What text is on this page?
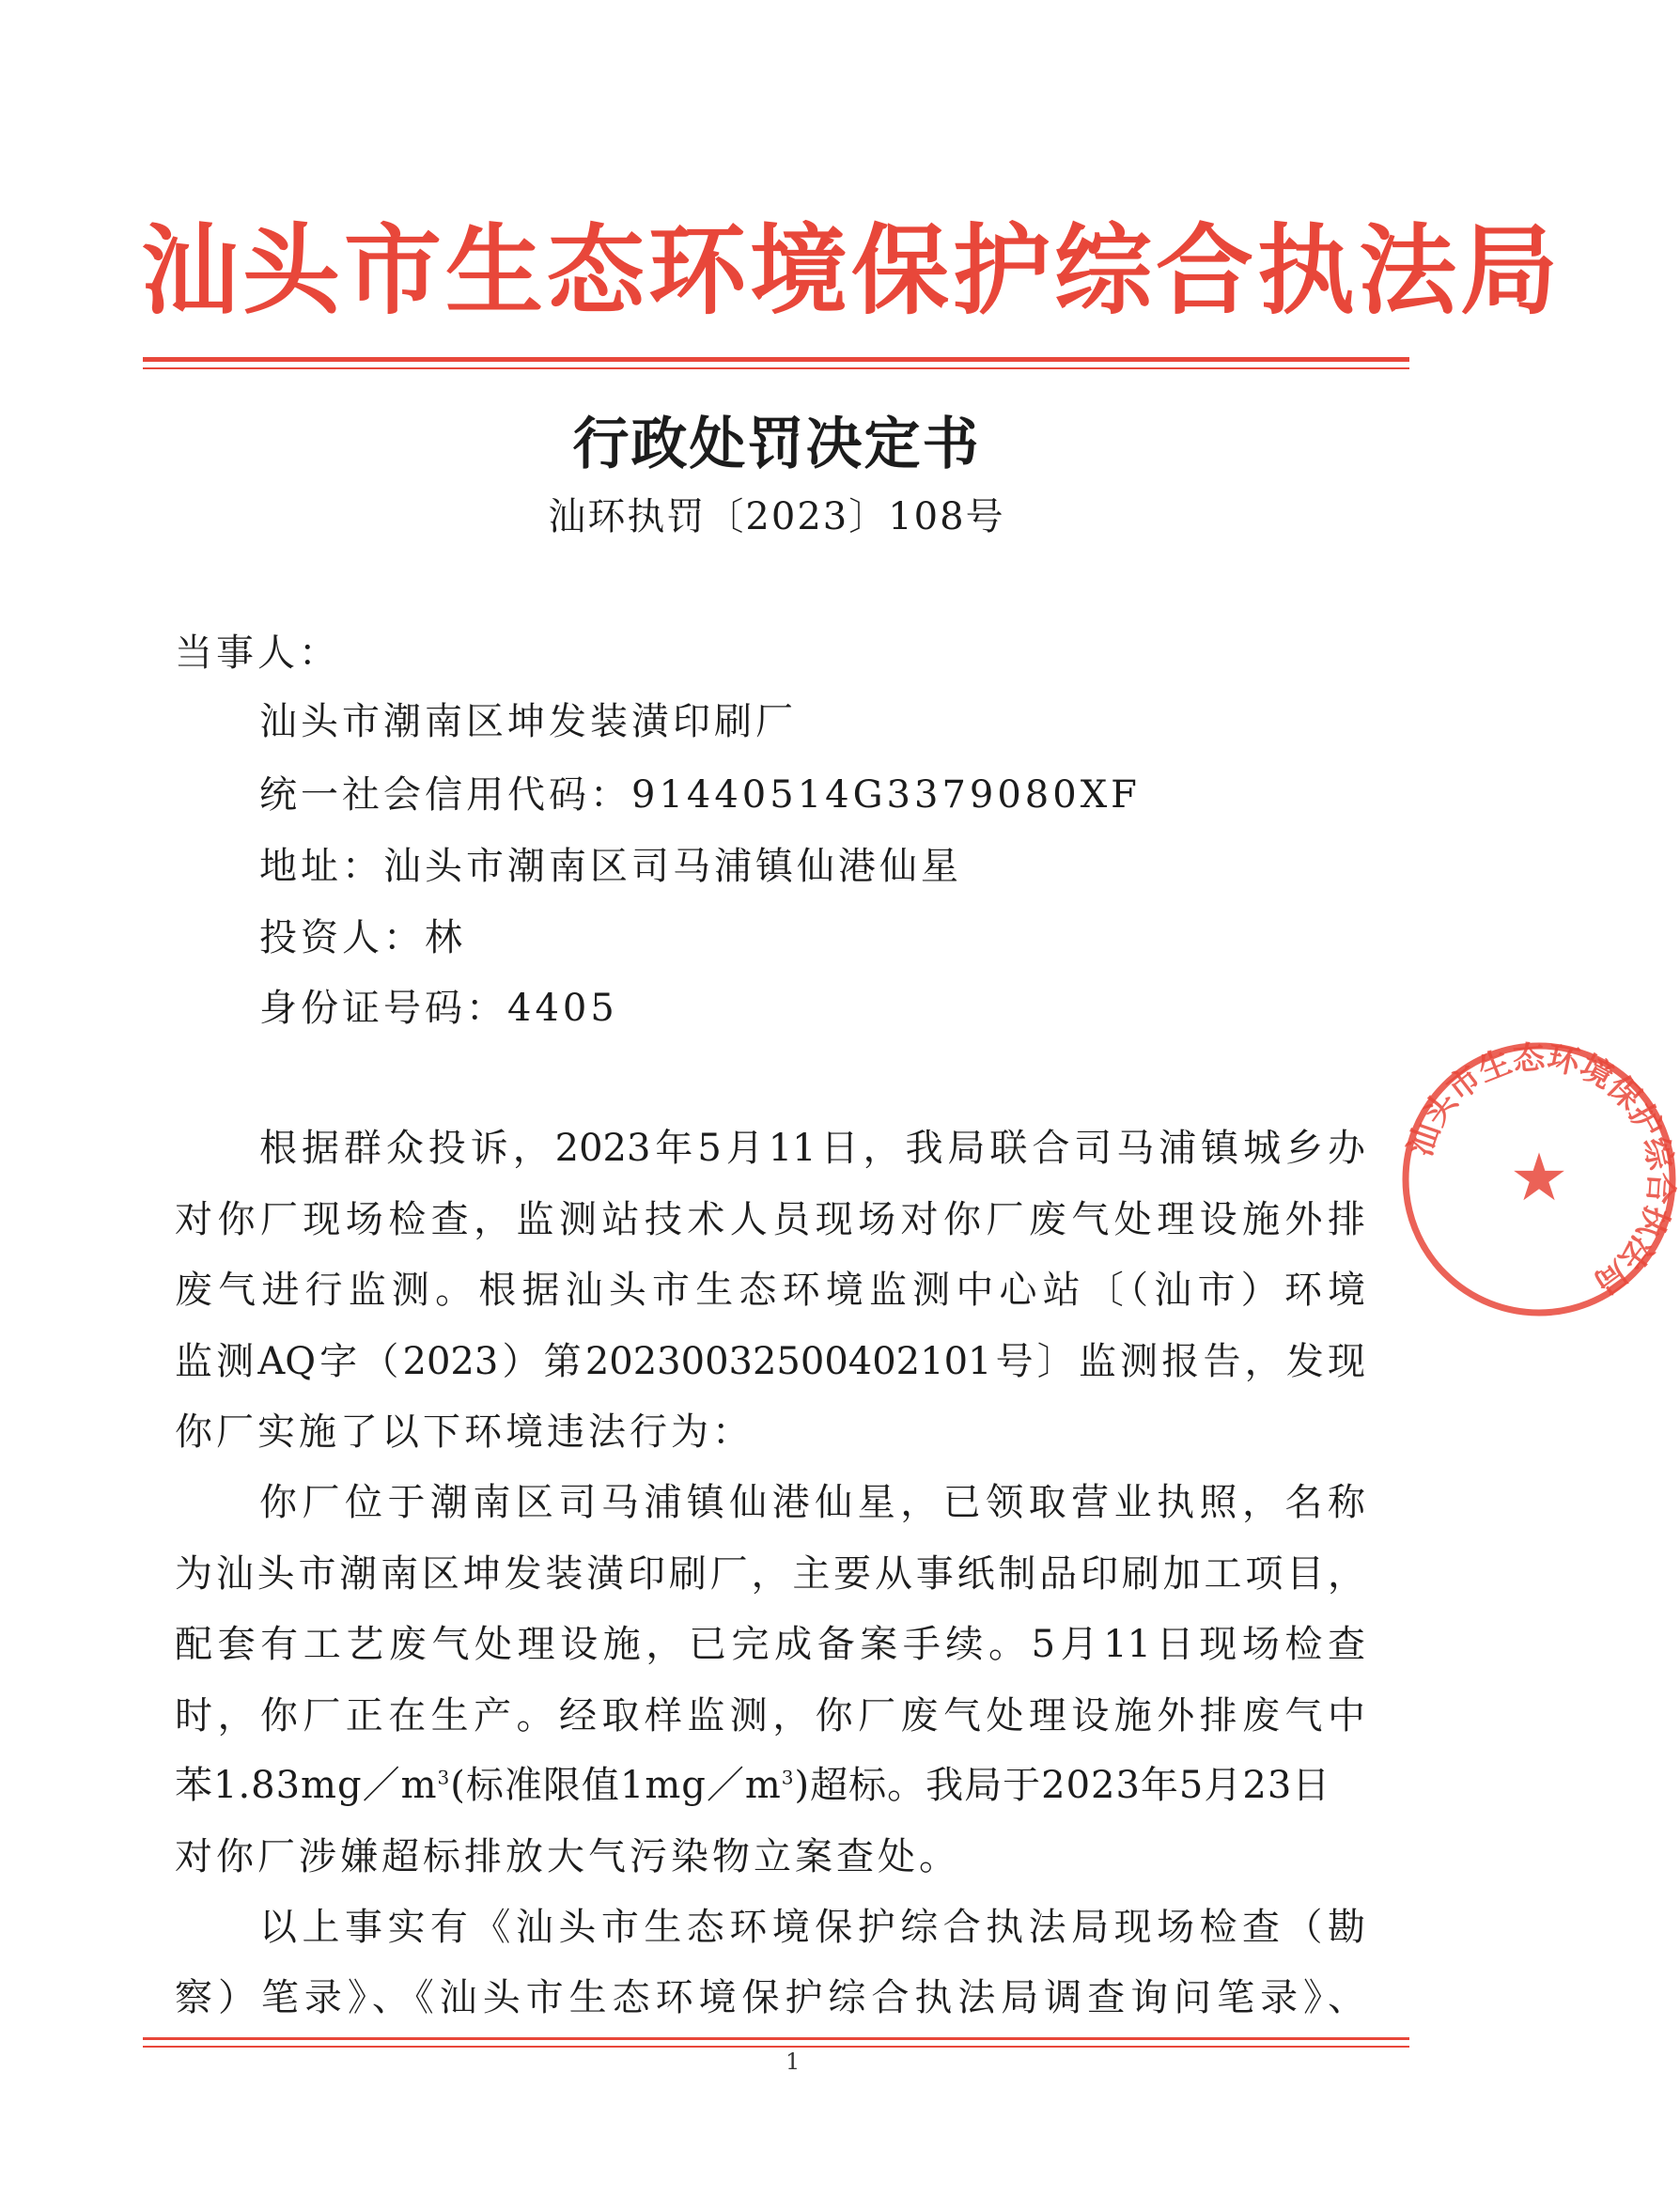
汕头市生态环境保护综合执法局
行政处罚决定书
汕环执罚〔2023〕108号
当事人：
汕头市潮南区坤发装潢印刷厂
统一社会信用代码：91440514G3379080XF
地址：汕头市潮南区司马浦镇仙港仙星
投资人：林
身份证号码：4405
根据群众投诉，2023年5月11日，我局联合司马浦镇城乡办
对你厂现场检查，监测站技术人员现场对你厂废气处理设施外排
废气进行监测。根据汕头市生态环境监测中心站〔（汕市）环境
监测AQ字（2023）第20230032500402101号〕监测报告，发现
你厂实施了以下环境违法行为：
你厂位于潮南区司马浦镇仙港仙星，已领取营业执照，名称
为汕头市潮南区坤发装潢印刷厂，主要从事纸制品印刷加工项目，
配套有工艺废气处理设施，已完成备案手续。5月11日现场检查
时，你厂正在生产。经取样监测，你厂废气处理设施外排废气中
苯$1.83mg/m^3$(标准限值$1mg/m^3$)超标。我局于2023年5月23日
对你厂涉嫌超标排放大气污染物立案查处。
以上事实有《汕头市生态环境保护综合执法局现场检查（勘
察）笔录》、《汕头市生态环境保护综合执法局调查询问笔录》、
1
汕头市生态环境保护综合执法局
★
